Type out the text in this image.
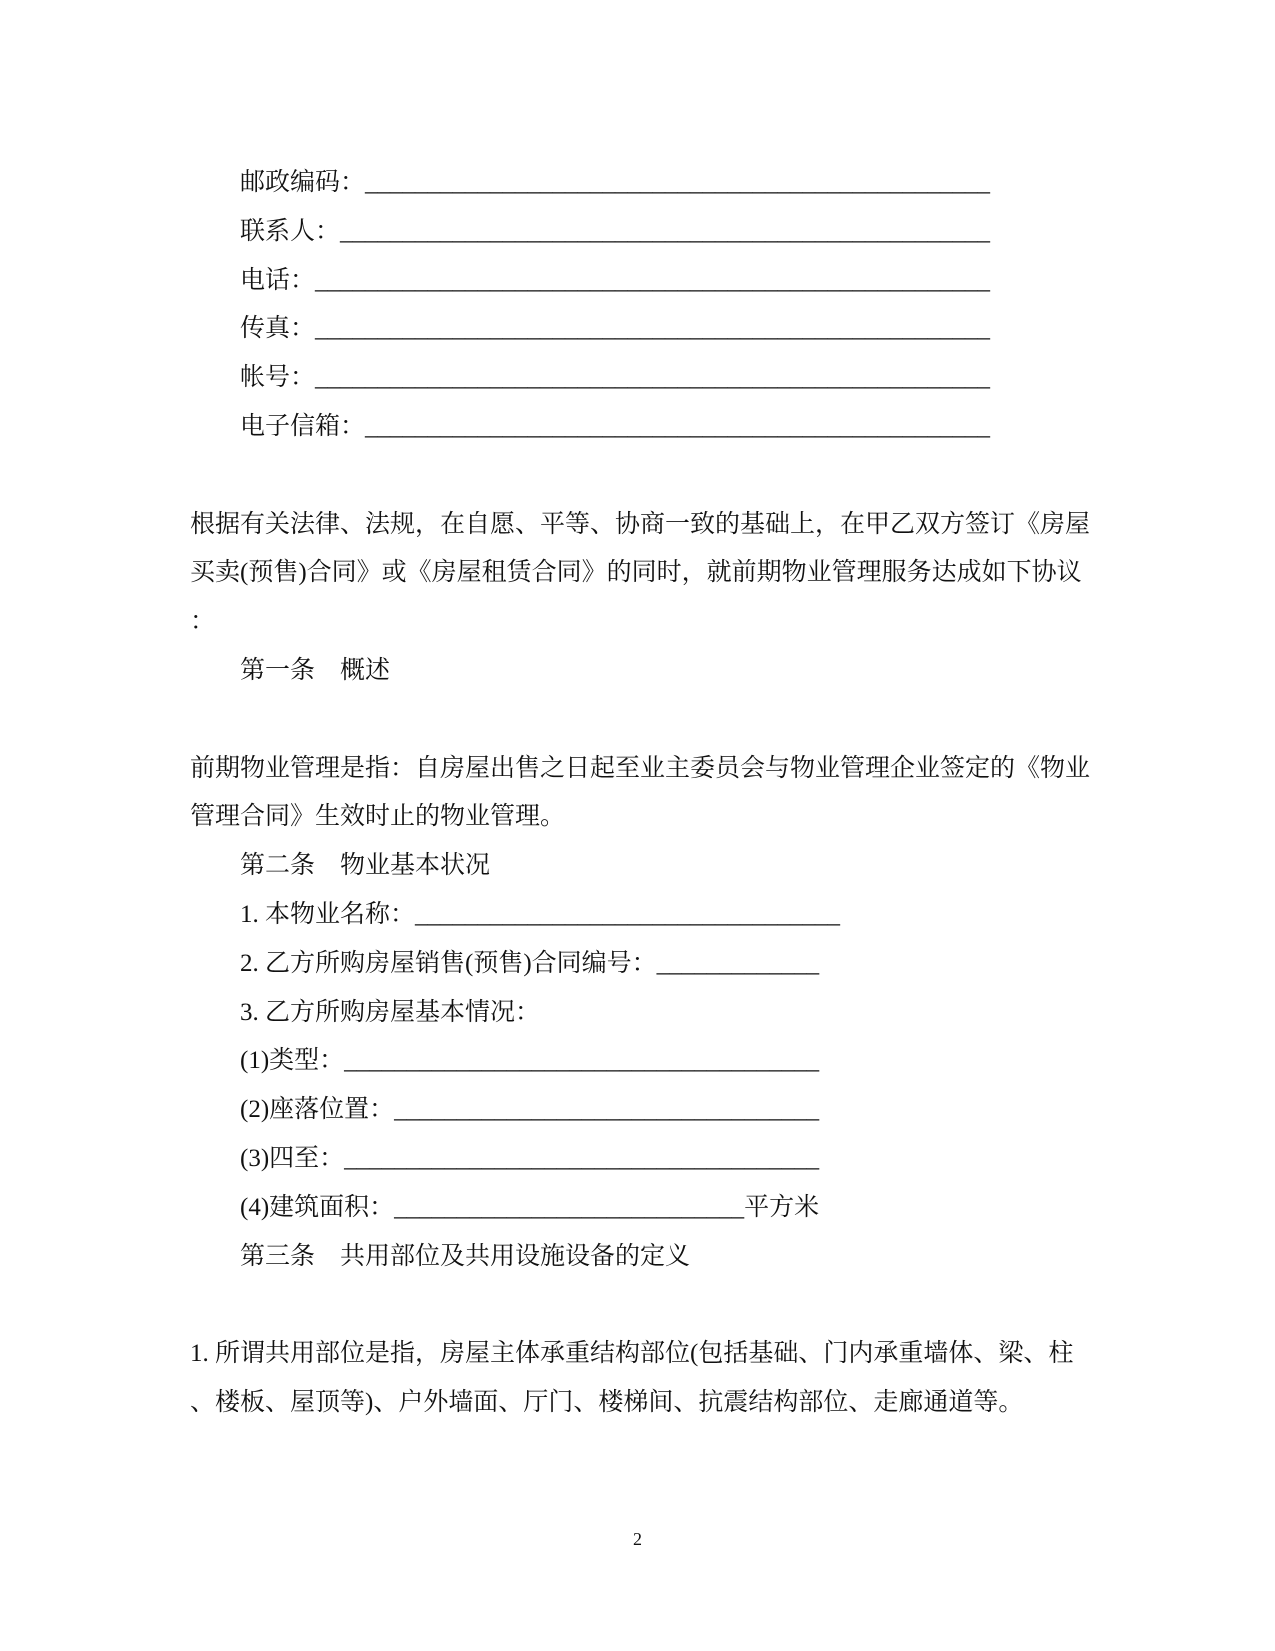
邮政编码：__________________________________________________
联系人：____________________________________________________
电话：______________________________________________________
传真：______________________________________________________
帐号：______________________________________________________
电子信箱：__________________________________________________
根据有关法律、法规，在自愿、平等、协商一致的基础上，在甲乙双方签订《房屋
买卖(预售)合同》或《房屋租赁合同》的同时，就前期物业管理服务达成如下协议
：
第一条　概述
前期物业管理是指：自房屋出售之日起至业主委员会与物业管理企业签定的《物业
管理合同》生效时止的物业管理。
第二条　物业基本状况
1. 本物业名称：__________________________________
2. 乙方所购房屋销售(预售)合同编号：_____________
3. 乙方所购房屋基本情况：
(1)类型：______________________________________
(2)座落位置：__________________________________
(3)四至：______________________________________
(4)建筑面积：____________________________平方米
第三条　共用部位及共用设施设备的定义
1. 所谓共用部位是指，房屋主体承重结构部位(包括基础、门内承重墙体、梁、柱
、楼板、屋顶等)、户外墙面、厅门、楼梯间、抗震结构部位、走廊通道等。
2
